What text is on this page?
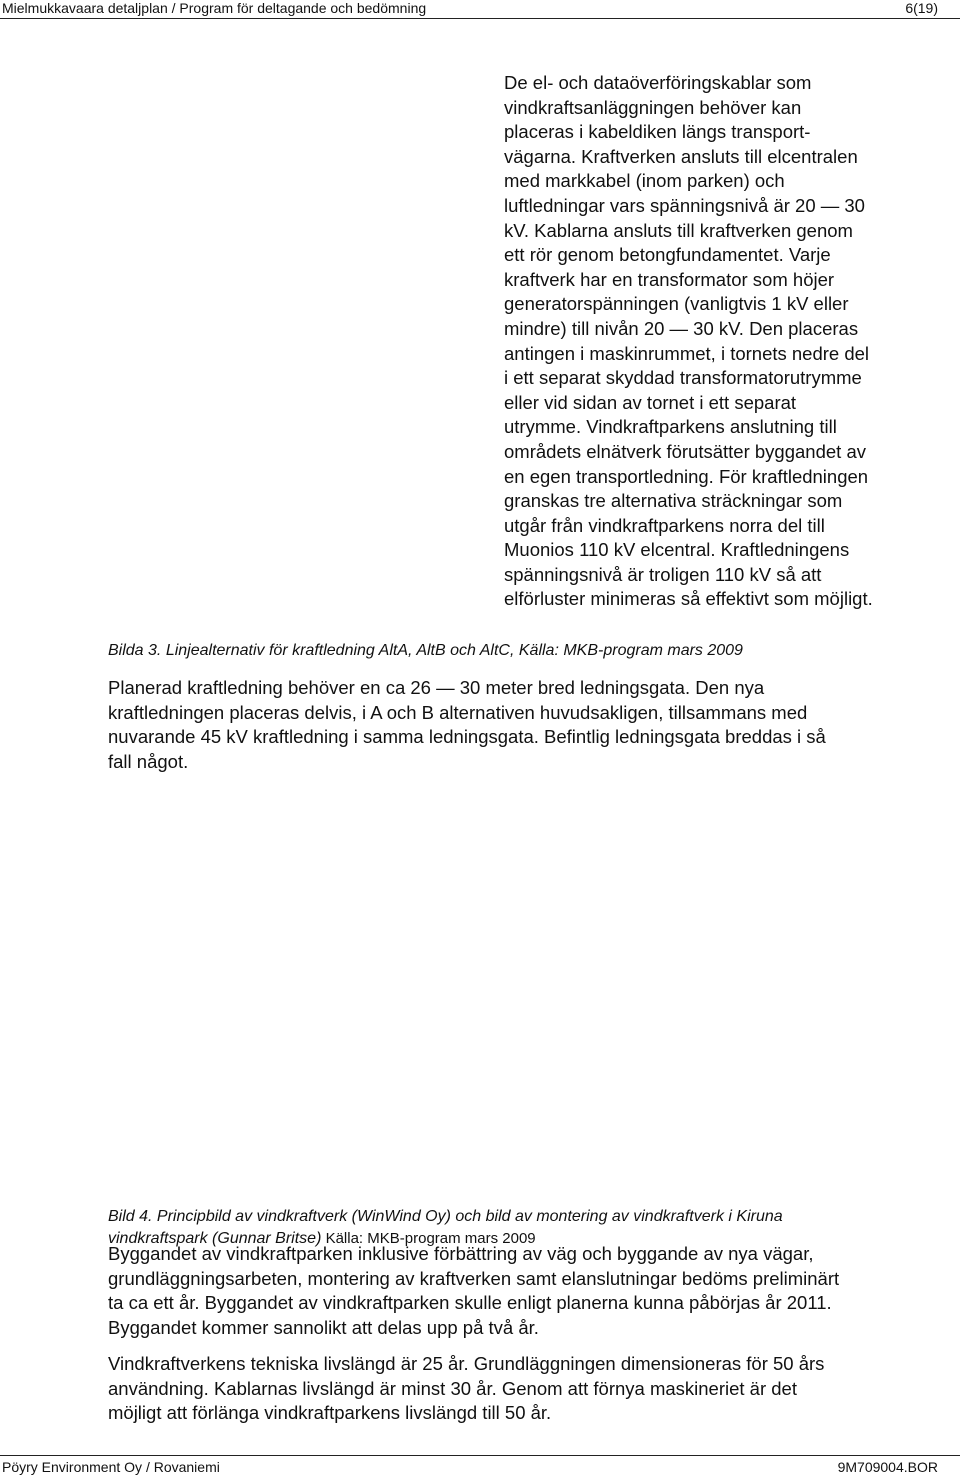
Mielmukkavaara detaljplan / Program för deltagande och bedömning	6(19)
De el- och dataöverföringskablar som
vindkraftsanläggningen behöver kan
placeras i kabeldiken längs transport-
vägarna. Kraftverken ansluts till elcentralen
med markkabel (inom parken) och
luftledningar vars spänningsnivå är 20 — 30
kV. Kablarna ansluts till kraftverken genom
ett rör genom betongfundamentet. Varje
kraftverk har en transformator som höjer
generatorspänningen (vanligtvis 1 kV eller
mindre) till nivån 20 — 30 kV. Den placeras
antingen i maskinrummet, i tornets nedre del
i ett separat skyddad transformatorutrymme
eller vid sidan av tornet i ett separat
utrymme. Vindkraftparkens anslutning till
områdets elnätverk förutsätter byggandet av
en egen transportledning. För kraftledningen
granskas tre alternativa sträckningar som
utgår från vindkraftparkens norra del till
Muonios 110 kV elcentral. Kraftledningens
spänningsnivå är troligen 110 kV så att
elförluster minimeras så effektivt som möjligt.
Bilda 3. Linjealternativ för kraftledning AltA, AltB och AltC, Källa: MKB-program mars 2009
Planerad kraftledning behöver en ca 26 — 30 meter bred ledningsgata. Den nya
kraftledningen placeras delvis, i A och B alternativen huvudsakligen, tillsammans med
nuvarande 45 kV kraftledning i samma ledningsgata. Befintlig ledningsgata breddas i så
fall något.

Bild 4. Principbild av vindkraftverk (WinWind Oy) och bild av montering av vindkraftverk i Kiruna
vindkraftspark (Gunnar Britse) Källa: MKB-program mars 2009

Byggandet av vindkraftparken inklusive förbättring av väg och byggande av nya vägar,
grundläggningsarbeten, montering av kraftverken samt elanslutningar bedöms preliminärt
ta ca ett år. Byggandet av vindkraftparken skulle enligt planerna kunna påbörjas år 2011.
Byggandet kommer sannolikt att delas upp på två år.
Vindkraftverkens tekniska livslängd är 25 år. Grundläggningen dimensioneras för 50 års
användning. Kablarnas livslängd är minst 30 år. Genom att förnya maskineriet är det
möjligt att förlänga vindkraftparkens livslängd till 50 år.
Pöyry Environment Oy / Rovaniemi	9M709004.BOR
